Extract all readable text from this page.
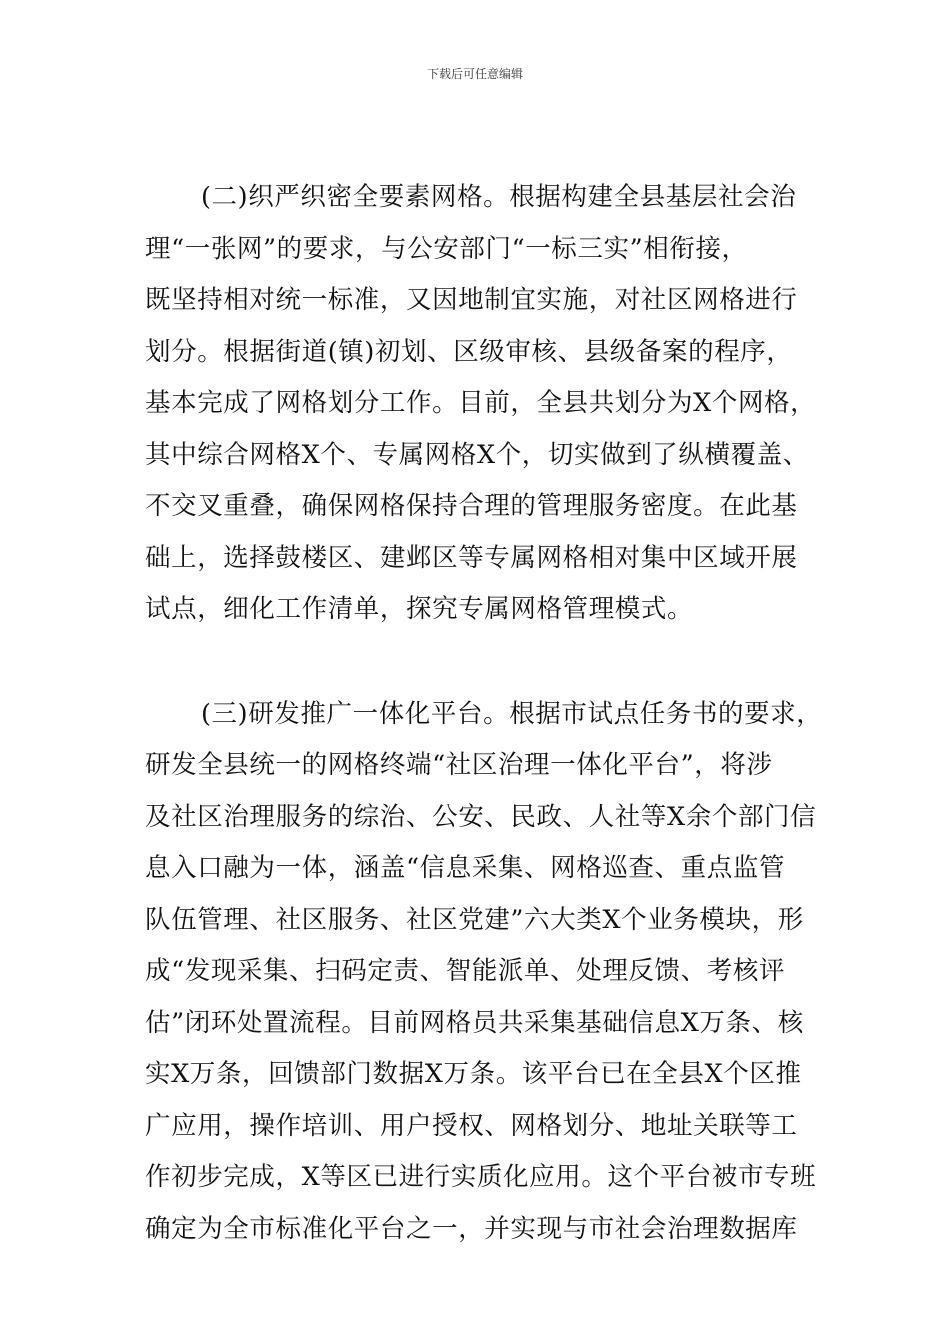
下载后可任意编辑
(二)织严织密全要素网格。根据构建全县基层社会治
理“一张网”的要求，与公安部门“一标三实”相衔接，
既坚持相对统一标准，又因地制宜实施，对社区网格进行
划分。根据街道(镇)初划、区级审核、县级备案的程序，
基本完成了网格划分工作。目前，全县共划分为X个网格，
其中综合网格X个、专属网格X个，切实做到了纵横覆盖、
不交叉重叠，确保网格保持合理的管理服务密度。在此基
础上，选择鼓楼区、建邺区等专属网格相对集中区域开展
试点，细化工作清单，探究专属网格管理模式。
(三)研发推广一体化平台。根据市试点任务书的要求，
研发全县统一的网格终端“社区治理一体化平台”，将涉
及社区治理服务的综治、公安、民政、人社等X余个部门信
息入口融为一体，涵盖“信息采集、网格巡查、重点监管
队伍管理、社区服务、社区党建”六大类X个业务模块，形
成“发现采集、扫码定责、智能派单、处理反馈、考核评
估”闭环处置流程。目前网格员共采集基础信息X万条、核
实X万条，回馈部门数据X万条。该平台已在全县X个区推
广应用，操作培训、用户授权、网格划分、地址关联等工
作初步完成，X等区已进行实质化应用。这个平台被市专班
确定为全市标准化平台之一，并实现与市社会治理数据库
